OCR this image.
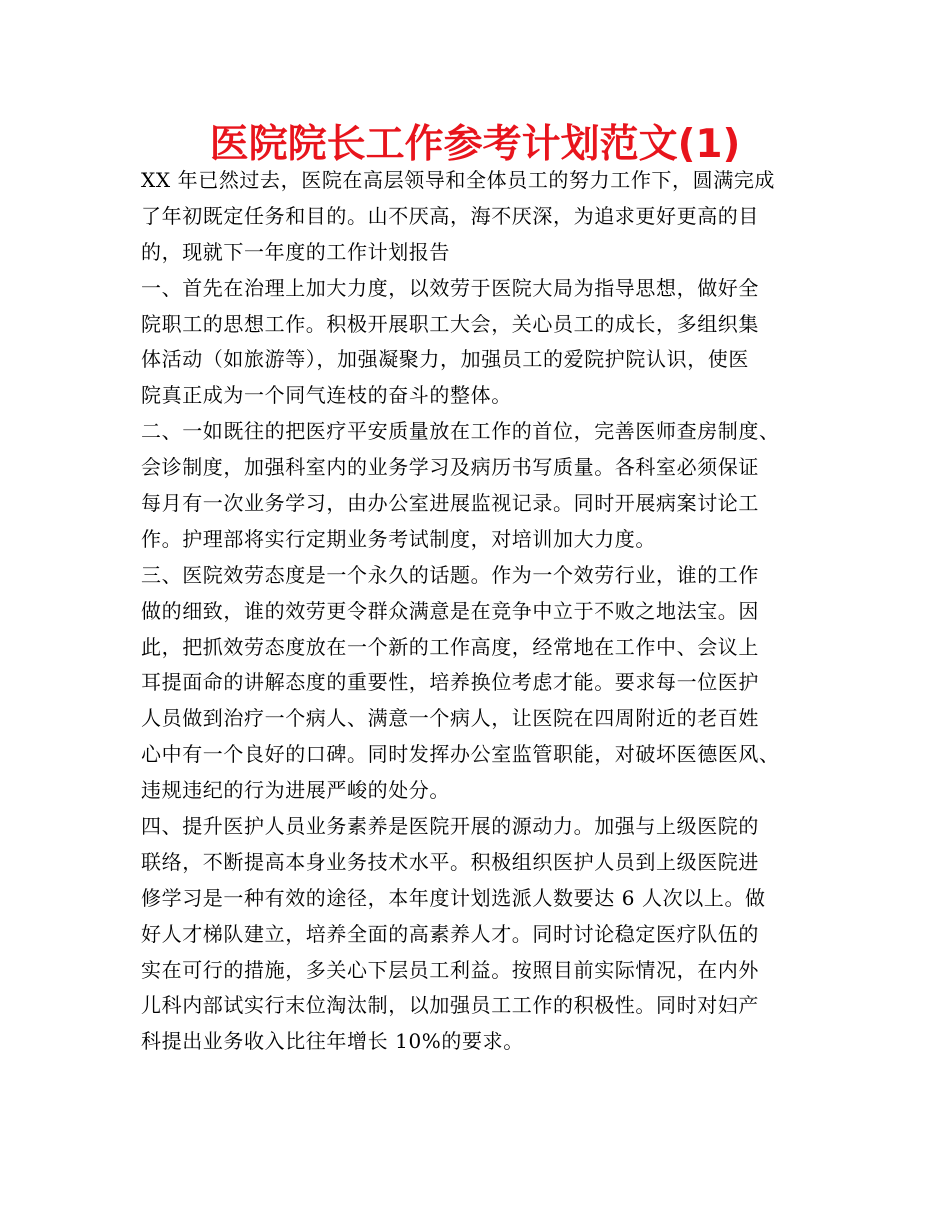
医院院长工作参考计划范文(1)
XX 年已然过去，医院在高层领导和全体员工的努力工作下，圆满完成
了年初既定任务和目的。山不厌高，海不厌深，为追求更好更高的目
的，现就下一年度的工作计划报告
一、首先在治理上加大力度，以效劳于医院大局为指导思想，做好全
院职工的思想工作。积极开展职工大会，关心员工的成长，多组织集
体活动（如旅游等），加强凝聚力，加强员工的爱院护院认识，使医
院真正成为一个同气连枝的奋斗的整体。
二、一如既往的把医疗平安质量放在工作的首位，完善医师查房制度、
会诊制度，加强科室内的业务学习及病历书写质量。各科室必须保证
每月有一次业务学习，由办公室进展监视记录。同时开展病案讨论工
作。护理部将实行定期业务考试制度，对培训加大力度。
三、医院效劳态度是一个永久的话题。作为一个效劳行业，谁的工作
做的细致，谁的效劳更令群众满意是在竞争中立于不败之地法宝。因
此，把抓效劳态度放在一个新的工作高度，经常地在工作中、会议上
耳提面命的讲解态度的重要性，培养换位考虑才能。要求每一位医护
人员做到治疗一个病人、满意一个病人，让医院在四周附近的老百姓
心中有一个良好的口碑。同时发挥办公室监管职能，对破坏医德医风、
违规违纪的行为进展严峻的处分。
四、提升医护人员业务素养是医院开展的源动力。加强与上级医院的
联络，不断提高本身业务技术水平。积极组织医护人员到上级医院进
修学习是一种有效的途径，本年度计划选派人数要达 6 人次以上。做
好人才梯队建立，培养全面的高素养人才。同时讨论稳定医疗队伍的
实在可行的措施，多关心下层员工利益。按照目前实际情况，在内外
儿科内部试实行末位淘汰制，以加强员工工作的积极性。同时对妇产
科提出业务收入比往年增长 10%的要求。
